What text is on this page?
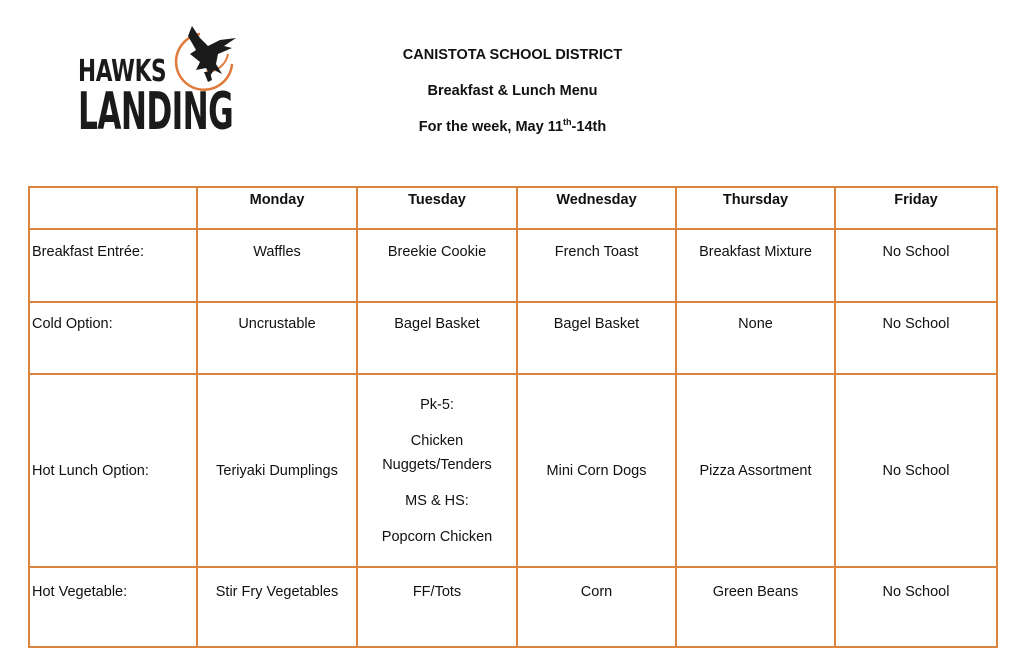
HAWKS
LANDING
CANISTOTA SCHOOL DISTRICT
Breakfast & Lunch Menu
For the week, May 11th-14th
	Monday	Tuesday	Wednesday	Thursday	Friday
Breakfast Entrée:	Waffles	Breekie Cookie	French Toast	Breakfast Mixture	No School
Cold Option:	Uncrustable	Bagel Basket	Bagel Basket	None	No School
Hot Lunch Option:	Teriyaki Dumplings	Pk-5:
Chicken
Nuggets/Tenders
MS & HS:
Popcorn Chicken	Mini Corn Dogs	Pizza Assortment	No School
Hot Vegetable:	Stir Fry Vegetables	FF/Tots	Corn	Green Beans	No School
